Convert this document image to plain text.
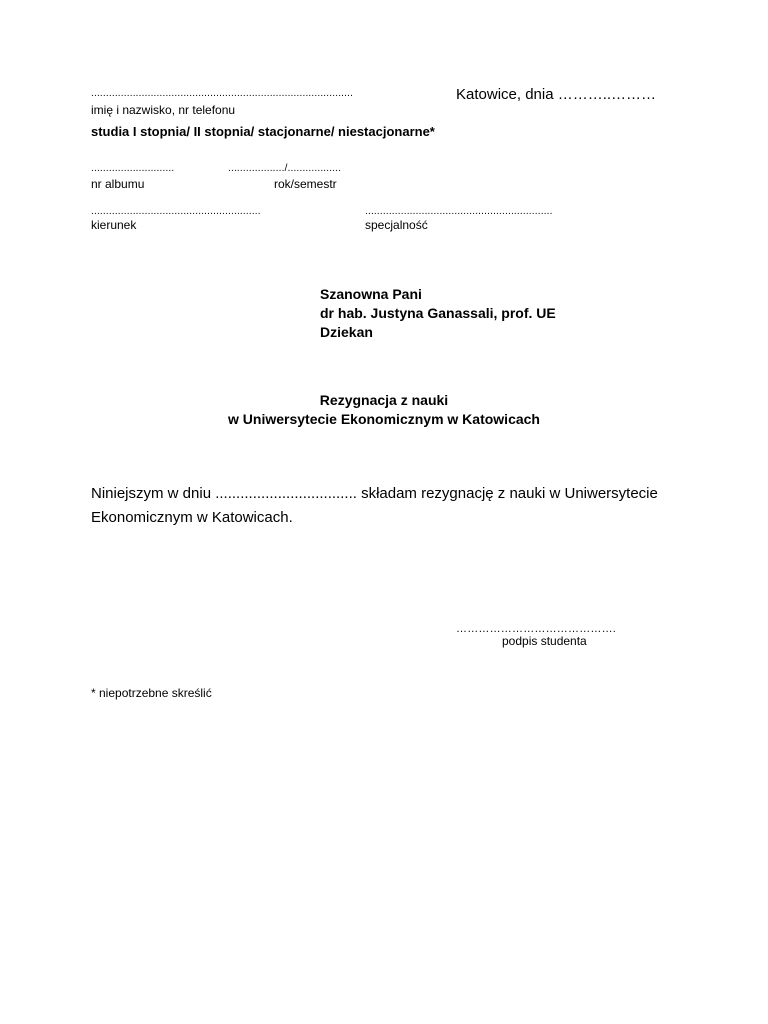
........................................................................................	Katowice, dnia ………..………
imię i nazwisko, nr telefonu
studia I stopnia/ II stopnia/ stacjonarne/ niestacjonarne*
............................	.................../..................
nr albumu	rok/semestr
.........................................................	...............................................................
kierunek	specjalność
Szanowna Pani
dr hab. Justyna Ganassali, prof. UE
Dziekan
Rezygnacja z nauki
w Uniwersytecie Ekonomicznym w Katowicach
Niniejszym w dniu .................................. składam rezygnację z nauki w Uniwersytecie
Ekonomicznym w Katowicach.
…………………………………….
podpis studenta
* niepotrzebne skreślić
